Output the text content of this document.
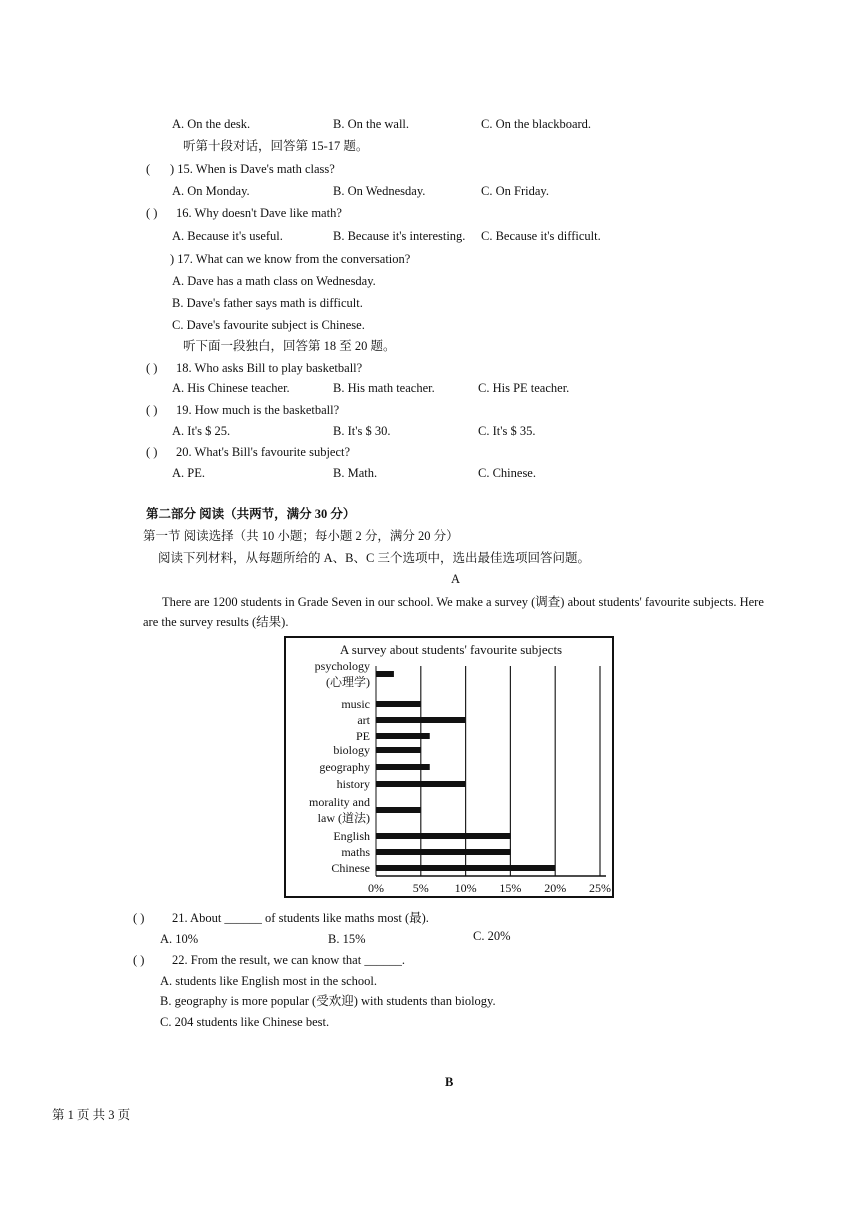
A. On the desk.	B. On the wall.	C. On the blackboard.
听第十段对话，回答第 15-17 题。
( ) 15. When is Dave's math class?
A. On Monday.	B. On Wednesday.	C. On Friday.
( ) 16. Why doesn't Dave like math?
A. Because it's useful.	B. Because it's interesting. C. Because it's difficult.
) 17. What can we know from the conversation?
A. Dave has a math class on Wednesday.
B. Dave's father says math is difficult.
C. Dave's favourite subject is Chinese.
听下面一段独白，回答第 18 至 20 题。
( ) 18. Who asks Bill to play basketball?
A. His Chinese teacher.	B. His math teacher.	C. His PE teacher.
( ) 19. How much is the basketball?
A. It's $ 25.	B. It's $ 30.	C. It's $ 35.
( ) 20. What's Bill's favourite subject?
A. PE.	B. Math.	C. Chinese.
第二部分 阅读（共两节，满分 30 分）
第一节 阅读选择（共 10 小题；每小题 2 分，满分 20 分）
阅读下列材料，从每题所给的 A、B、C 三个选项中，选出最佳选项回答问题。
A
There are 1200 students in Grade Seven in our school. We make a survey (调查) about students' favourite subjects. Here
are the survey results (结果).
A survey about students' favourite subjects
psychology (心理学)
music
art
PE
biology
geography
history
morality and law (道法)
English
maths
Chinese
0% 5% 10% 15% 20% 25%
( ) 21. About ______ of students like maths most (最).
A. 10%	B. 15%	C. 20%
( ) 22. From the result, we can know that ______.
A. students like English most in the school.
B. geography is more popular (受欢迎) with students than biology.
C. 204 students like Chinese best.
B
第 1 页 共 3 页
